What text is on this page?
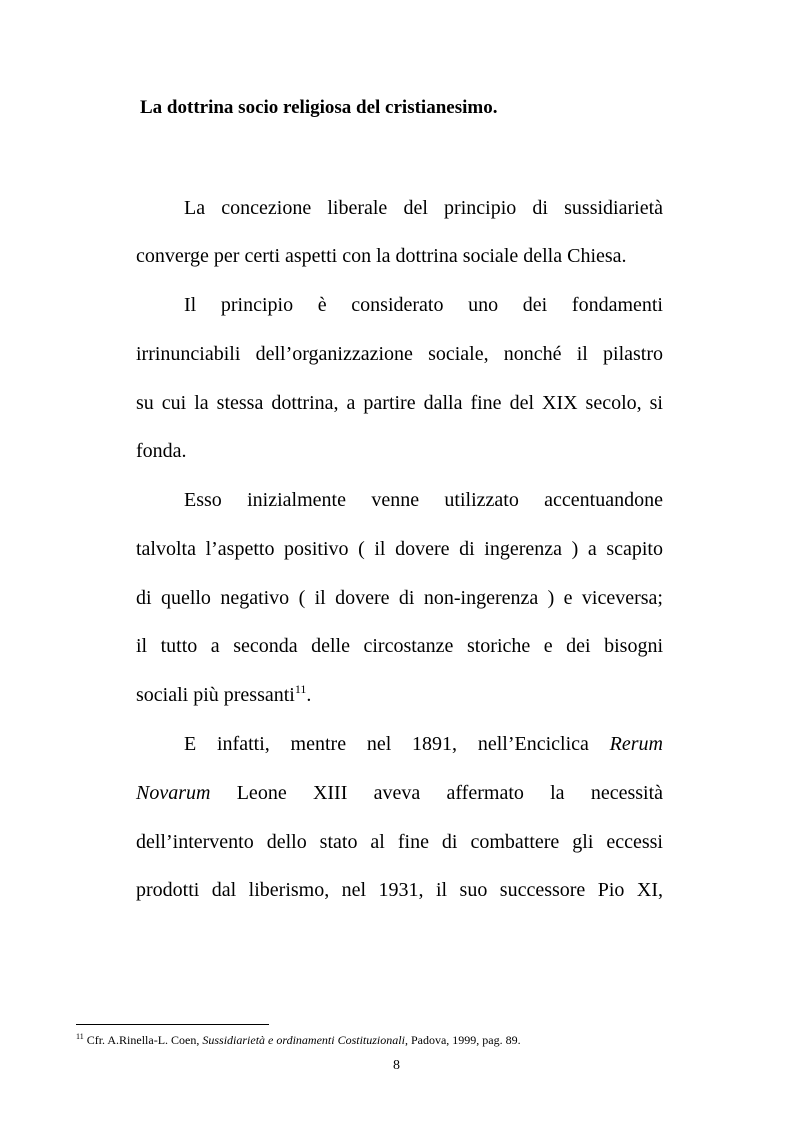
La dottrina socio religiosa del cristianesimo.
La concezione liberale del principio di sussidiarietà
converge per certi aspetti con la dottrina sociale della Chiesa.
Il principio è considerato uno dei fondamenti
irrinunciabili dell’organizzazione sociale, nonché il pilastro
su cui la stessa dottrina, a partire dalla fine del XIX secolo, si
fonda.
Esso inizialmente venne utilizzato accentuandone
talvolta l’aspetto positivo ( il dovere di ingerenza ) a scapito
di quello negativo ( il dovere di non-ingerenza ) e viceversa;
il tutto a seconda delle circostanze storiche e dei bisogni
sociali più pressanti$^{11}$.
E infatti, mentre nel 1891, nell’Enciclica Rerum
Novarum Leone XIII aveva affermato la necessità
dell’intervento dello stato al fine di combattere gli eccessi
prodotti dal liberismo, nel 1931, il suo successore Pio XI,
$^{11}$ Cfr. A.Rinella-L. Coen, Sussidiarietà e ordinamenti Costituzionali, Padova, 1999, pag. 89.
8
